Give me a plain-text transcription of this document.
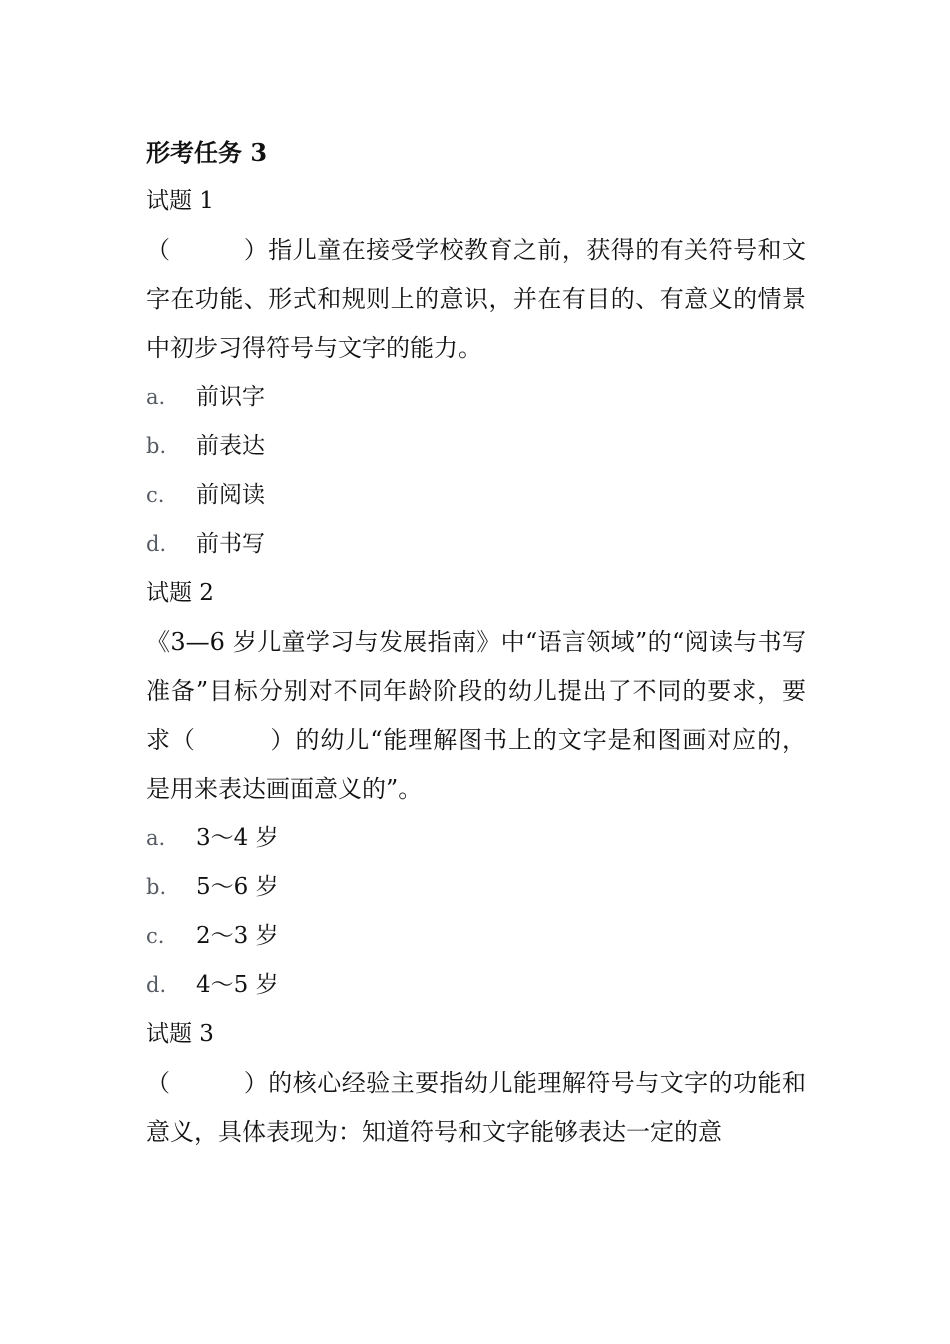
形考任务 3
试题 1
（　　　）指儿童在接受学校教育之前，获得的有关符号和文字在功能、形式和规则上的意识，并在有目的、有意义的情景中初步习得符号与文字的能力。
a.	前识字
b.	前表达
c.	前阅读
d.	前书写
试题 2
《3—6 岁儿童学习与发展指南》中“语言领域”的“阅读与书写准备”目标分别对不同年龄阶段的幼儿提出了不同的要求，要求（　　　）的幼儿“能理解图书上的文字是和图画对应的，是用来表达画面意义的”。
a.	3～4 岁
b.	5～6 岁
c.	2～3 岁
d.	4～5 岁
试题 3
（　　　）的核心经验主要指幼儿能理解符号与文字的功能和意义，具体表现为：知道符号和文字能够表达一定的意
